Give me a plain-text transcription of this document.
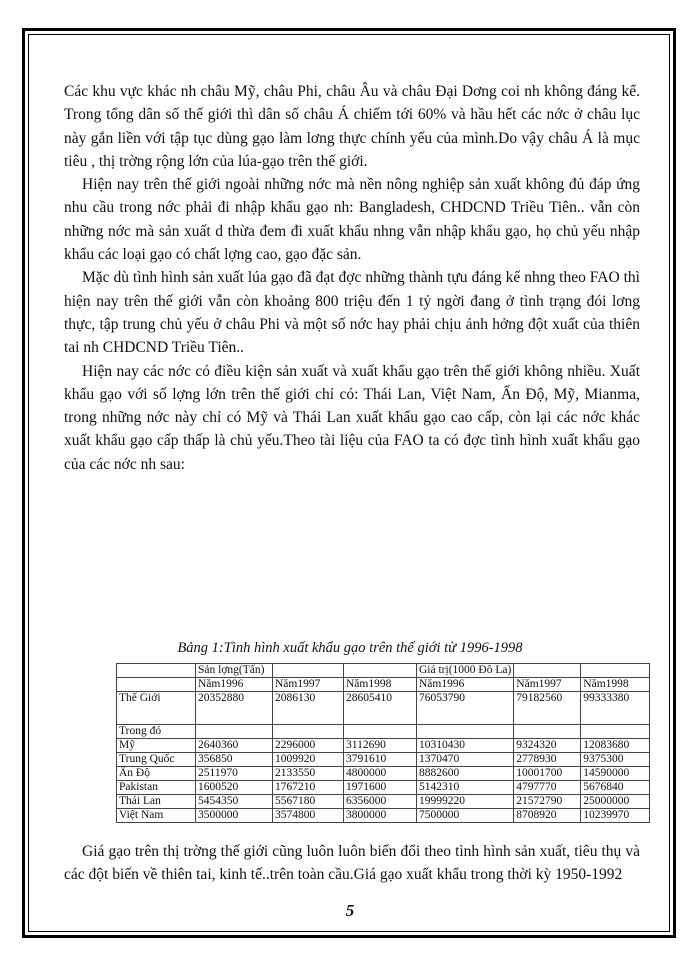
Các khu vực khác nh châu Mỹ, châu Phi, châu Âu và châu Đại Dơng coi nh không đáng kể. Trong tổng dân số thế giới thì dân số châu Á chiếm tới 60% và hầu hết các nớc ở châu lục này gắn liền với tập tục dùng gạo làm lơng thực chính yếu của mình.Do vậy châu Á là mục tiêu , thị trờng rộng lớn của lúa-gạo trên thế giới.

Hiện nay trên thế giới ngoài những nớc mà nền nông nghiệp sản xuất không đủ đáp ứng nhu cầu trong nớc phải đi nhập khẩu gạo nh: Bangladesh, CHDCND Triều Tiên.. vẫn còn những nớc mà sản xuất d thừa đem đi xuất khẩu nhng vẫn nhập khẩu gạo, họ chủ yếu nhập khẩu các loại gạo có chất lợng cao, gạo đặc sản.

Mặc dù tình hình sản xuất lúa gạo đã đạt đợc những thành tựu đáng kể nhng theo FAO thì hiện nay trên thế giới vẫn còn khoảng 800 triệu đến 1 tỷ ngời đang ở tình trạng đói lơng thực, tập trung chủ yếu ở châu Phi và một số nớc hay phải chịu ảnh hởng đột xuất của thiên tai nh CHDCND Triều Tiên..

Hiện nay các nớc có điều kiện sản xuất và xuất khẩu gạo trên thế giới không nhiều. Xuất khẩu gạo với số lợng lớn trên thế giới chỉ có: Thái Lan, Việt Nam, Ấn Độ, Mỹ, Mianma, trong những nớc này chỉ có Mỹ và Thái Lan xuất khẩu gạo cao cấp, còn lại các nớc khác xuất khẩu gạo cấp thấp là chủ yếu.Theo tài liệu của FAO ta có đợc tình hình xuất khẩu gạo của các nớc nh sau:

Bảng 1:Tình hình xuất khẩu gạo trên thế giới từ 1996-1998
	Sản lợng(Tấn)			Giá trị(1000 Đô La)		
	Năm1996	Năm1997	Năm1998	Năm1996	Năm1997	Năm1998
Thế Giới	20352880	2086130	28605410	76053790	79182560	99333380
Trong đó						
Mỹ	2640360	2296000	3112690	10310430	9324320	12083680
Trung Quốc	356850	1009920	3791610	1370470	2778930	9375300
Ấn Độ	2511970	2133550	4800000	8882600	10001700	14590000
Pakistan	1600520	1767210	1971600	5142310	4797770	5676840
Thái Lan	5454350	5567180	6356000	19999220	21572790	25000000
Việt Nam	3500000	3574800	3800000	7500000	8708920	10239970

Giá gạo trên thị trờng thế giới cũng luôn luôn biến đổi theo tình hình sản xuất, tiêu thụ và các đột biến về thiên tai, kinh tế..trên toàn cầu.Giá gạo xuất khẩu trong thời kỳ 1950-1992

5
